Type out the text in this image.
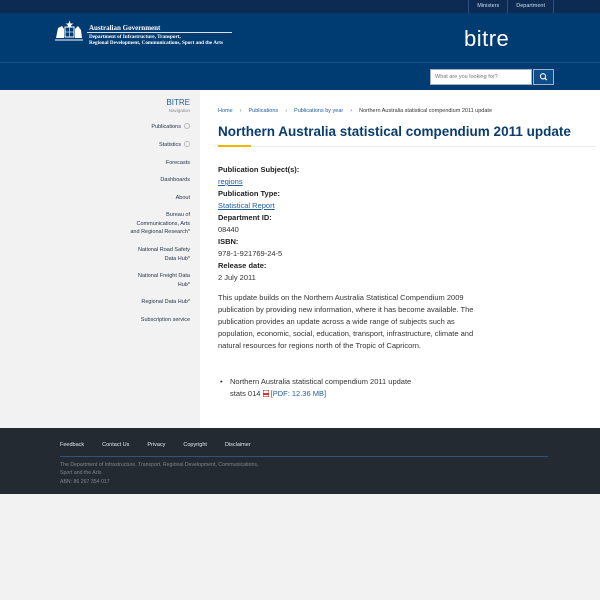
Ministers	Department
Australian Government
Department of Infrastructure, Transport,
Regional Development, Communications, Sport and the Arts	bitre
What are you looking for?
BITRE
Navigation
Publications
Statistics
Forecasts
Dashboards
About
Bureau of
Communications, Arts
and Regional Research*
National Road Safety
Data Hub*
National Freight Data
Hub*
Regional Data Hub*
Subscription service
Home › Publications › Publications by year › Northern Australia statistical compendium 2011 update
Northern Australia statistical compendium 2011 update
Publication Subject(s):
regions
Publication Type:
Statistical Report
Department ID:
08440
ISBN:
978-1-921769-24-5
Release date:
2 July 2011

This update builds on the Northern Australia Statistical Compendium 2009 publication by providing new information, where it has become available. The publication provides an update across a wide range of subjects such as population, economic, social, education, transport, infrastructure, climate and natural resources for regions north of the Tropic of Capricorn.

• Northern Australia statistical compendium 2011 update
stats 014 [PDF: 12.36 MB]
Feedback	Contact Us	Privacy	Copyright	Disclaimer
The Department of Infrastructure, Transport, Regional Development, Communications,
Sport and the Arts
ABN: 86 267 354 017
